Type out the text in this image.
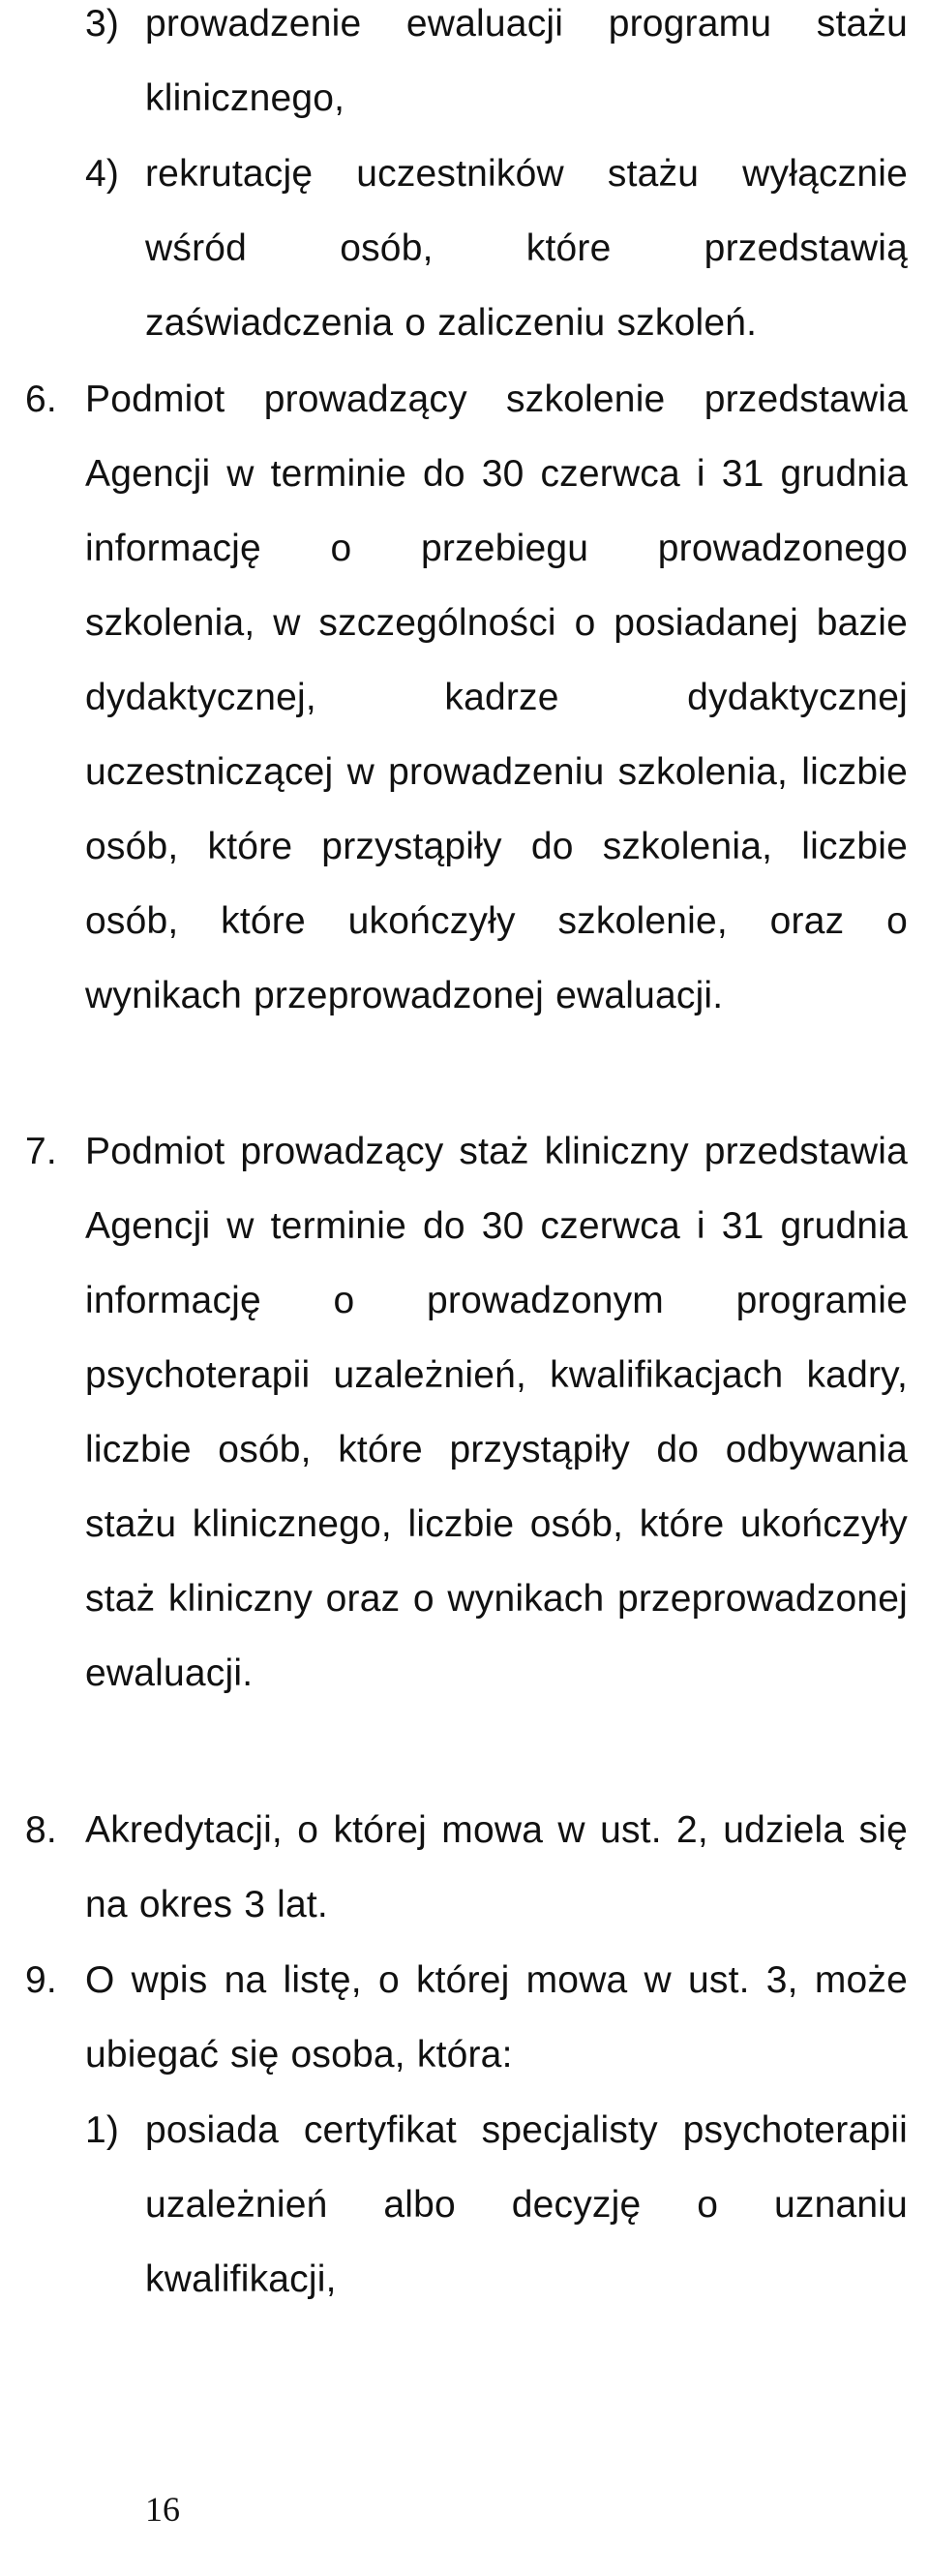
3) prowadzenie ewaluacji programu stażu klinicznego,
4) rekrutację uczestników stażu wyłącznie wśród osób, które przedstawią zaświadczenia o zaliczeniu szkoleń.
6. Podmiot prowadzący szkolenie przedstawia Agencji w terminie do 30 czerwca i 31 grudnia informację o przebiegu prowadzonego szkolenia, w szczególności o posiadanej bazie dydaktycznej, kadrze dydaktycznej uczestniczącej w prowadzeniu szkolenia, liczbie osób, które przystąpiły do szkolenia, liczbie osób, które ukończyły szkolenie, oraz o wynikach przeprowadzonej ewaluacji.
7. Podmiot prowadzący staż kliniczny przedstawia Agencji w terminie do 30 czerwca i 31 grudnia informację o prowadzonym programie psychoterapii uzależnień, kwalifikacjach kadry, liczbie osób, które przystąpiły do odbywania stażu klinicznego, liczbie osób, które ukończyły staż kliniczny oraz o wynikach przeprowadzonej ewaluacji.
8. Akredytacji, o której mowa w ust. 2, udziela się na okres 3 lat.
9. O wpis na listę, o której mowa w ust. 3, może ubiegać się osoba, która:
1) posiada certyfikat specjalisty psychoterapii uzależnień albo decyzję o uznaniu kwalifikacji,
16
